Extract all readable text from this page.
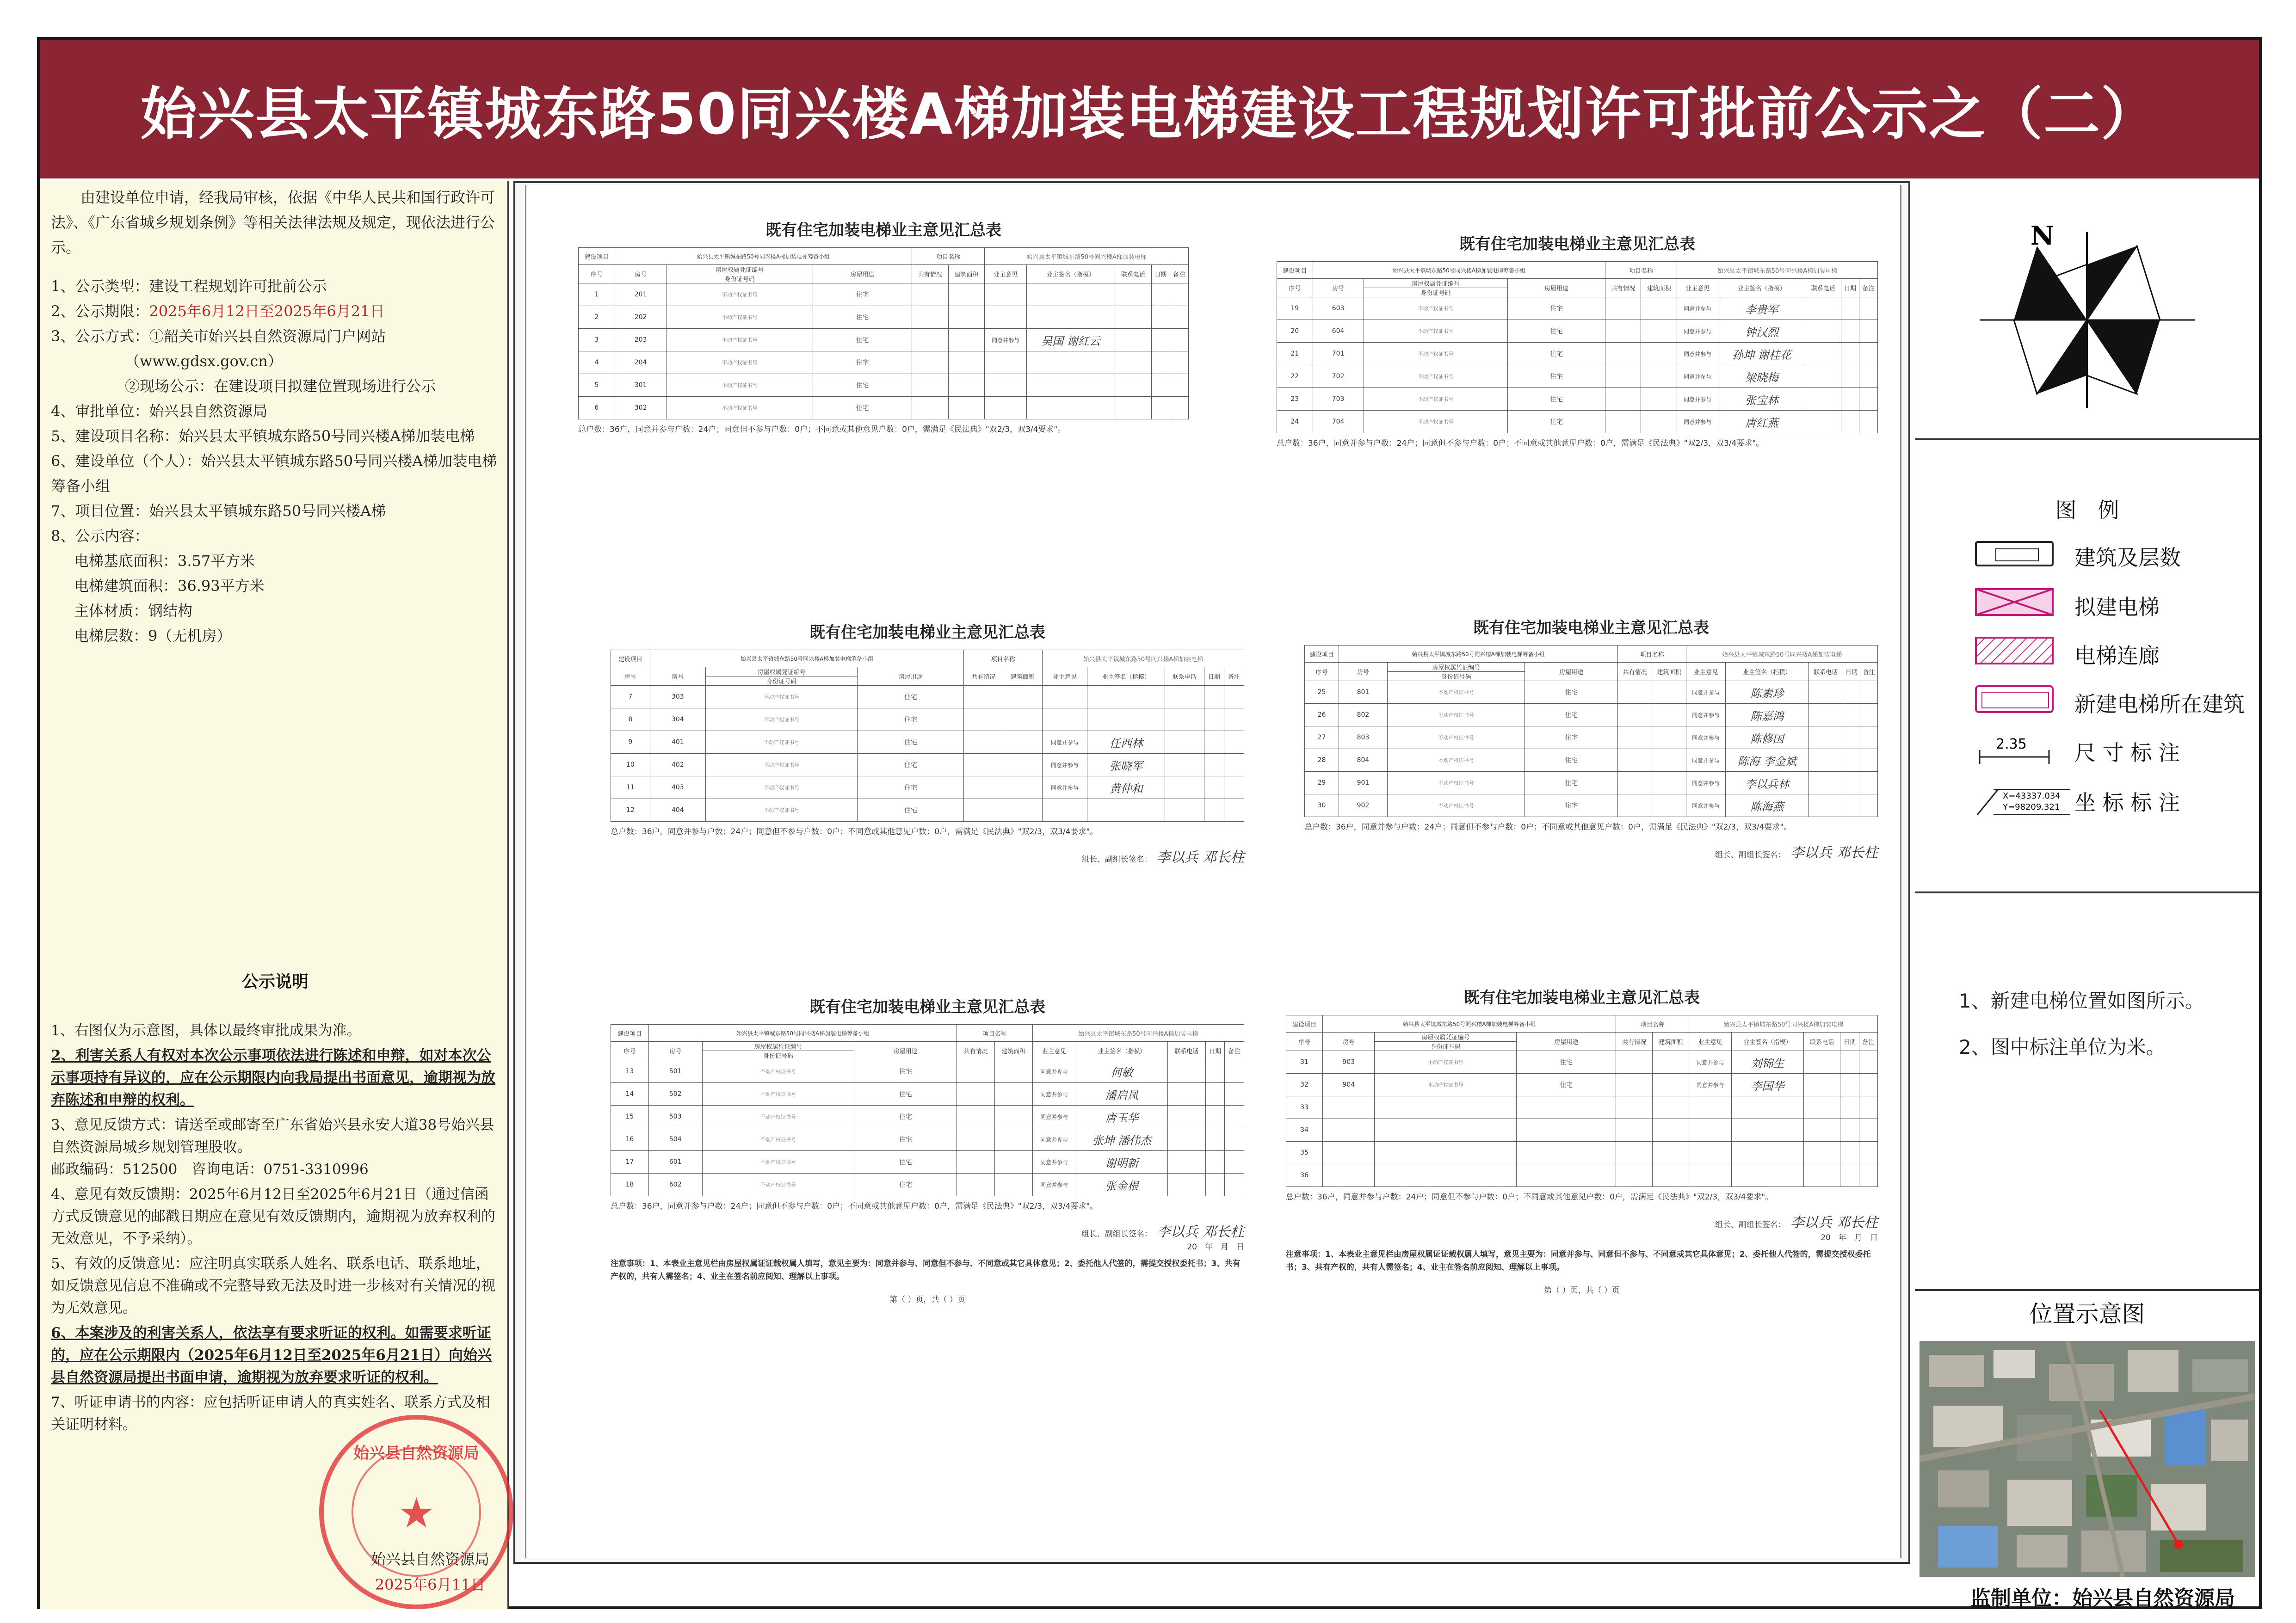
始兴县太平镇城东路50同兴楼A梯加装电梯建设工程规划许可批前公示之（二）
由建设单位申请，经我局审核，依据《中华人民共和国行政许可法》、《广东省城乡规划条例》等相关法律法规及规定，现依法进行公示。
1、公示类型：建设工程规划许可批前公示
2、公示期限：2025年6月12日至2025年6月21日
3、公示方式：①韶关市始兴县自然资源局门户网站
（www.gdsx.gov.cn）
②现场公示：在建设项目拟建位置现场进行公示
4、审批单位：始兴县自然资源局
5、建设项目名称：始兴县太平镇城东路50号同兴楼A梯加装电梯
6、建设单位（个人）：始兴县太平镇城东路50号同兴楼A梯加装电梯筹备小组
7、项目位置：始兴县太平镇城东路50号同兴楼A梯
8、公示内容：
电梯基底面积：3.57平方米
电梯建筑面积：36.93平方米
主体材质：钢结构
电梯层数：9（无机房）
公示说明
1、右图仅为示意图，具体以最终审批成果为准。
2、利害关系人有权对本次公示事项依法进行陈述和申辩，如对本次公示事项持有异议的，应在公示期限内向我局提出书面意见，逾期视为放弃陈述和申辩的权利。
3、意见反馈方式：请送至或邮寄至广东省始兴县永安大道38号始兴县自然资源局城乡规划管理股收。
邮政编码：512500　咨询电话：0751-3310996
4、意见有效反馈期：2025年6月12日至2025年6月21日（通过信函方式反馈意见的邮戳日期应在意见有效反馈期内，逾期视为放弃权利的无效意见，不予采纳）。
5、有效的反馈意见：应注明真实联系人姓名、联系电话、联系地址，如反馈意见信息不准确或不完整导致无法及时进一步核对有关情况的视为无效意见。
6、本案涉及的利害关系人，依法享有要求听证的权利。如需要求听证的，应在公示期限内（2025年6月12日至2025年6月21日）向始兴县自然资源局提出书面申请，逾期视为放弃要求听证的权利。
7、听证申请书的内容：应包括听证申请人的真实姓名、联系方式及相关证明材料。
始兴县自然资源局
2025年6月11日
★
始兴县自然资源局
既有住宅加装电梯业主意见汇总表
建设项目	始兴县太平镇城东路50号同兴楼A梯加装电梯筹备小组			项目名称		始兴县太平镇城东路50号同兴楼A梯加装电梯				
序号	房号	房屋权属凭证编号
身份证号码	房屋用途	共有情况	建筑面积	业主意见	业主签名（指模）	联系电话	日期	备注
1	201	不动产权证书号	住宅							
2	202	不动产权证书号	住宅							
3	203	不动产权证书号	住宅			同意并参与	吴国 谢红云			
4	204	不动产权证书号	住宅							
5	301	不动产权证书号	住宅							
6	302	不动产权证书号	住宅							
总户数：36户，同意并参与户数：24户；同意但不参与户数：0户；不同意或其他意见户数：0户，需满足《民法典》"双2/3，双3/4要求"。
既有住宅加装电梯业主意见汇总表
建设项目	始兴县太平镇城东路50号同兴楼A梯加装电梯筹备小组			项目名称		始兴县太平镇城东路50号同兴楼A梯加装电梯				
序号	房号	房屋权属凭证编号
身份证号码	房屋用途	共有情况	建筑面积	业主意见	业主签名（指模）	联系电话	日期	备注
19	603	不动产权证书号	住宅			同意并参与	李贵军			
20	604	不动产权证书号	住宅			同意并参与	钟汉烈			
21	701	不动产权证书号	住宅			同意并参与	孙坤 谢桂花			
22	702	不动产权证书号	住宅			同意并参与	梁晓梅			
23	703	不动产权证书号	住宅			同意并参与	张宝林			
24	704	不动产权证书号	住宅			同意并参与	唐红燕			
总户数：36户，同意并参与户数：24户；同意但不参与户数：0户；不同意或其他意见户数：0户，需满足《民法典》"双2/3，双3/4要求"。
既有住宅加装电梯业主意见汇总表
建设项目	始兴县太平镇城东路50号同兴楼A梯加装电梯筹备小组			项目名称		始兴县太平镇城东路50号同兴楼A梯加装电梯				
序号	房号	房屋权属凭证编号
身份证号码	房屋用途	共有情况	建筑面积	业主意见	业主签名（指模）	联系电话	日期	备注
7	303	不动产权证书号	住宅							
8	304	不动产权证书号	住宅							
9	401	不动产权证书号	住宅			同意并参与	任西林			
10	402	不动产权证书号	住宅			同意并参与	张晓军			
11	403	不动产权证书号	住宅			同意并参与	黄仲和			
12	404	不动产权证书号	住宅							
总户数：36户，同意并参与户数：24户；同意但不参与户数：0户；不同意或其他意见户数：0户，需满足《民法典》"双2/3，双3/4要求"。
组长、副组长签名： 李以兵 邓长柱
既有住宅加装电梯业主意见汇总表
建设项目	始兴县太平镇城东路50号同兴楼A梯加装电梯筹备小组			项目名称		始兴县太平镇城东路50号同兴楼A梯加装电梯				
序号	房号	房屋权属凭证编号
身份证号码	房屋用途	共有情况	建筑面积	业主意见	业主签名（指模）	联系电话	日期	备注
25	801	不动产权证书号	住宅			同意并参与	陈素珍			
26	802	不动产权证书号	住宅			同意并参与	陈嘉鸿			
27	803	不动产权证书号	住宅			同意并参与	陈修国			
28	804	不动产权证书号	住宅			同意并参与	陈海 李金斌			
29	901	不动产权证书号	住宅			同意并参与	李以兵林			
30	902	不动产权证书号	住宅			同意并参与	陈海燕			
总户数：36户，同意并参与户数：24户；同意但不参与户数：0户；不同意或其他意见户数：0户，需满足《民法典》"双2/3，双3/4要求"。
组长、副组长签名： 李以兵 邓长柱
既有住宅加装电梯业主意见汇总表
建设项目	始兴县太平镇城东路50号同兴楼A梯加装电梯筹备小组			项目名称		始兴县太平镇城东路50号同兴楼A梯加装电梯				
序号	房号	房屋权属凭证编号
身份证号码	房屋用途	共有情况	建筑面积	业主意见	业主签名（指模）	联系电话	日期	备注
13	501	不动产权证书号	住宅			同意并参与	何敏			
14	502	不动产权证书号	住宅			同意并参与	潘启凤			
15	503	不动产权证书号	住宅			同意并参与	唐玉华			
16	504	不动产权证书号	住宅			同意并参与	张坤 潘伟杰			
17	601	不动产权证书号	住宅			同意并参与	谢明新			
18	602	不动产权证书号	住宅			同意并参与	张金根			
总户数：36户，同意并参与户数：24户；同意但不参与户数：0户；不同意或其他意见户数：0户，需满足《民法典》"双2/3，双3/4要求"。
组长、副组长签名： 李以兵 邓长柱
20　年　月　日
注意事项：1、本表业主意见栏由房屋权属证证载权属人填写，意见主要为：同意并参与、同意但不参与、不同意或其它具体意见；2、委托他人代签的，需提交授权委托书；3、共有产权的，共有人需签名；4、业主在签名前应阅知、理解以上事项。
第（ ）页，共（ ）页
既有住宅加装电梯业主意见汇总表
建设项目	始兴县太平镇城东路50号同兴楼A梯加装电梯筹备小组			项目名称		始兴县太平镇城东路50号同兴楼A梯加装电梯				
序号	房号	房屋权属凭证编号
身份证号码	房屋用途	共有情况	建筑面积	业主意见	业主签名（指模）	联系电话	日期	备注
31	903	不动产权证书号	住宅			同意并参与	刘锦生			
32	904	不动产权证书号	住宅			同意并参与	李国华			
33										
34										
35										
36										
总户数：36户，同意并参与户数：24户；同意但不参与户数：0户；不同意或其他意见户数：0户，需满足《民法典》"双2/3，双3/4要求"。
组长、副组长签名： 李以兵 邓长柱
20　年　月　日
注意事项：1、本表业主意见栏由房屋权属证证载权属人填写，意见主要为：同意并参与、同意但不参与、不同意或其它具体意见；2、委托他人代签的，需提交授权委托书；3、共有产权的，共有人需签名；4、业主在签名前应阅知、理解以上事项。
第（ ）页，共（ ）页
N
图　例
建筑及层数
拟建电梯
电梯连廊
新建电梯所在建筑
2.35 尺 寸 标 注
X=43337.034
Y=98209.321 坐 标 标 注
1、新建电梯位置如图所示。
2、图中标注单位为米。
位置示意图
监制单位：始兴县自然资源局
